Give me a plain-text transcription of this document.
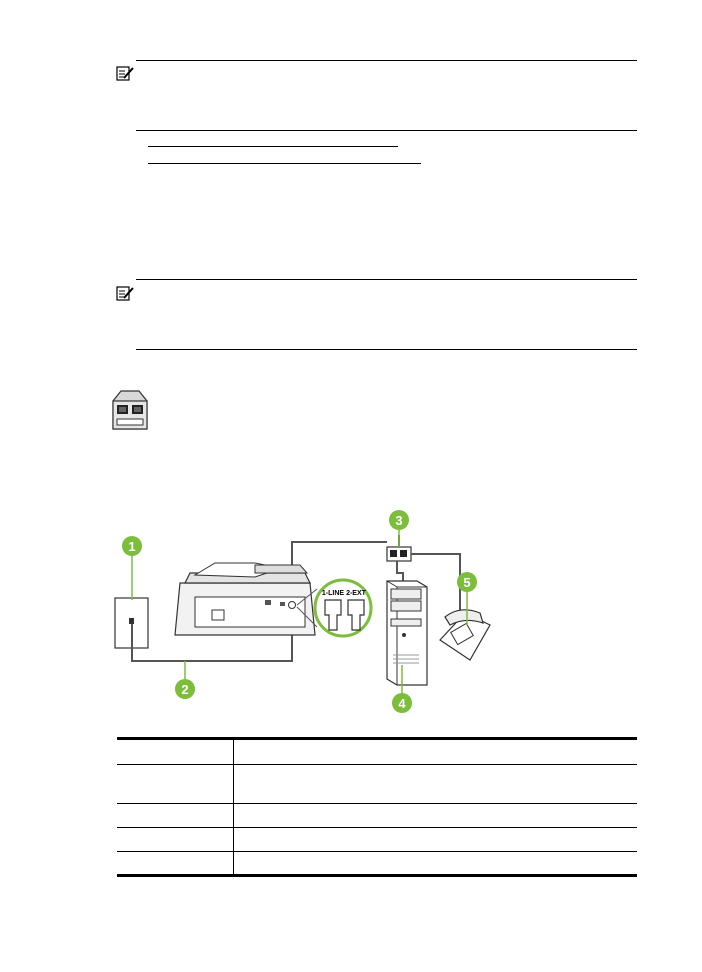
1-LINE 2-EXT
1
2
3
4
5
